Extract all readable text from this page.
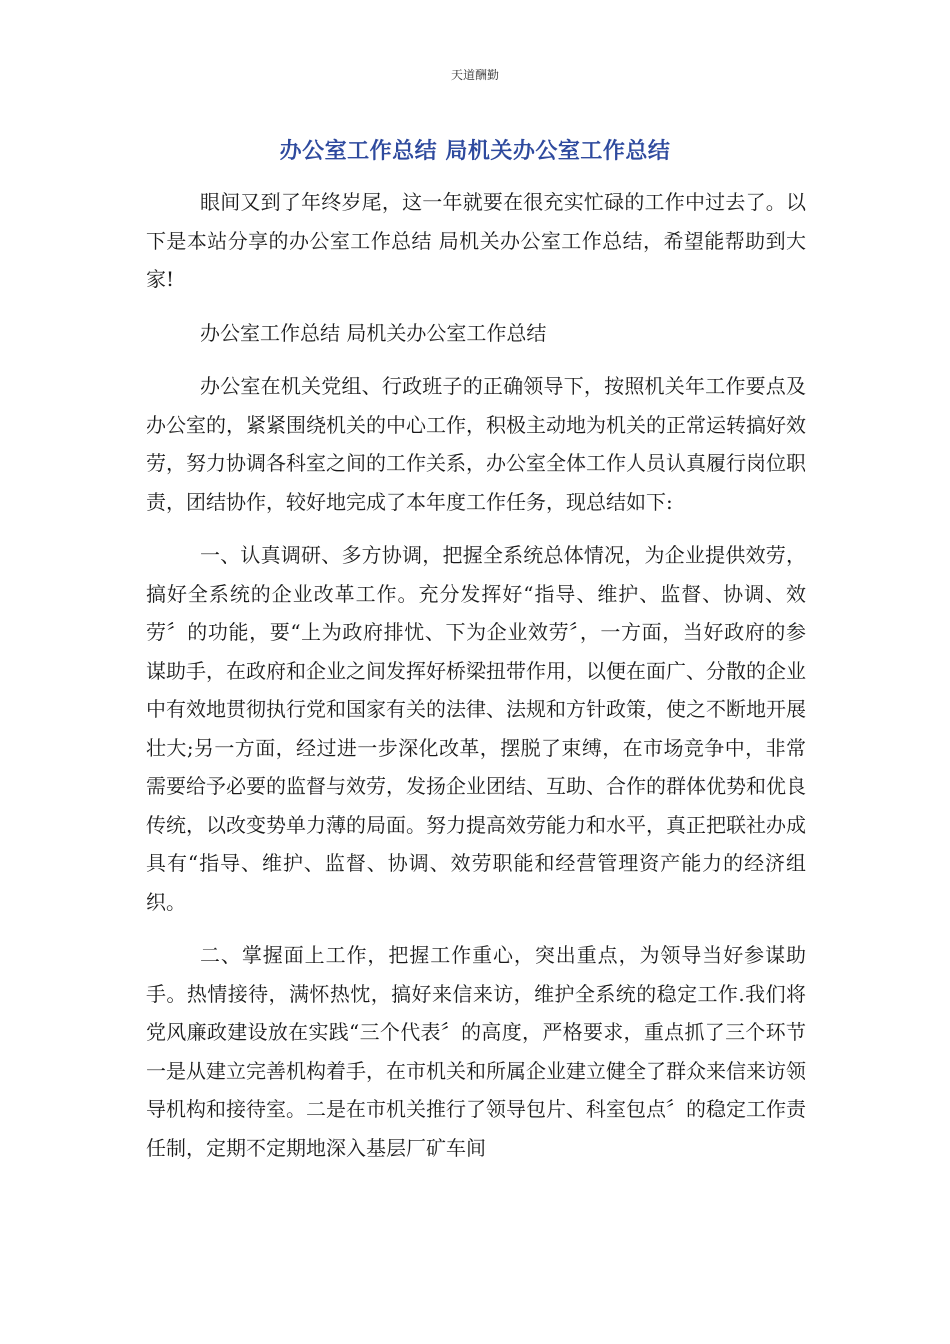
天道酬勤
办公室工作总结 局机关办公室工作总结

眼间又到了年终岁尾，这一年就要在很充实忙碌的工作中过去了。以下是本站分享的办公室工作总结 局机关办公室工作总结，希望能帮助到大家!

办公室工作总结 局机关办公室工作总结

办公室在机关党组、行政班子的正确领导下，按照机关年工作要点及办公室的，紧紧围绕机关的中心工作，积极主动地为机关的正常运转搞好效劳，努力协调各科室之间的工作关系，办公室全体工作人员认真履行岗位职责，团结协作，较好地完成了本年度工作任务，现总结如下:

一、认真调研、多方协调，把握全系统总体情况，为企业提供效劳，搞好全系统的企业改革工作。充分发挥好“指导、维护、监督、协调、效劳〞的功能，要“上为政府排忧、下为企业效劳〞，一方面，当好政府的参谋助手，在政府和企业之间发挥好桥梁扭带作用，以便在面广、分散的企业中有效地贯彻执行党和国家有关的法律、法规和方针政策，使之不断地开展壮大;另一方面，经过进一步深化改革，摆脱了束缚，在市场竞争中，非常需要给予必要的监督与效劳，发扬企业团结、互助、合作的群体优势和优良传统，以改变势单力薄的局面。努力提高效劳能力和水平，真正把联社办成具有“指导、维护、监督、协调、效劳职能和经营管理资产能力的经济组织。

二、掌握面上工作，把握工作重心，突出重点，为领导当好参谋助手。热情接待，满怀热忱，搞好来信来访，维护全系统的稳定工作.我们将党风廉政建设放在实践“三个代表〞的高度，严格要求，重点抓了三个环节一是从建立完善机构着手，在市机关和所属企业建立健全了群众来信来访领导机构和接待室。二是在市机关推行了领导包片、科室包点〞的稳定工作责任制，定期不定期地深入基层厂矿车间
